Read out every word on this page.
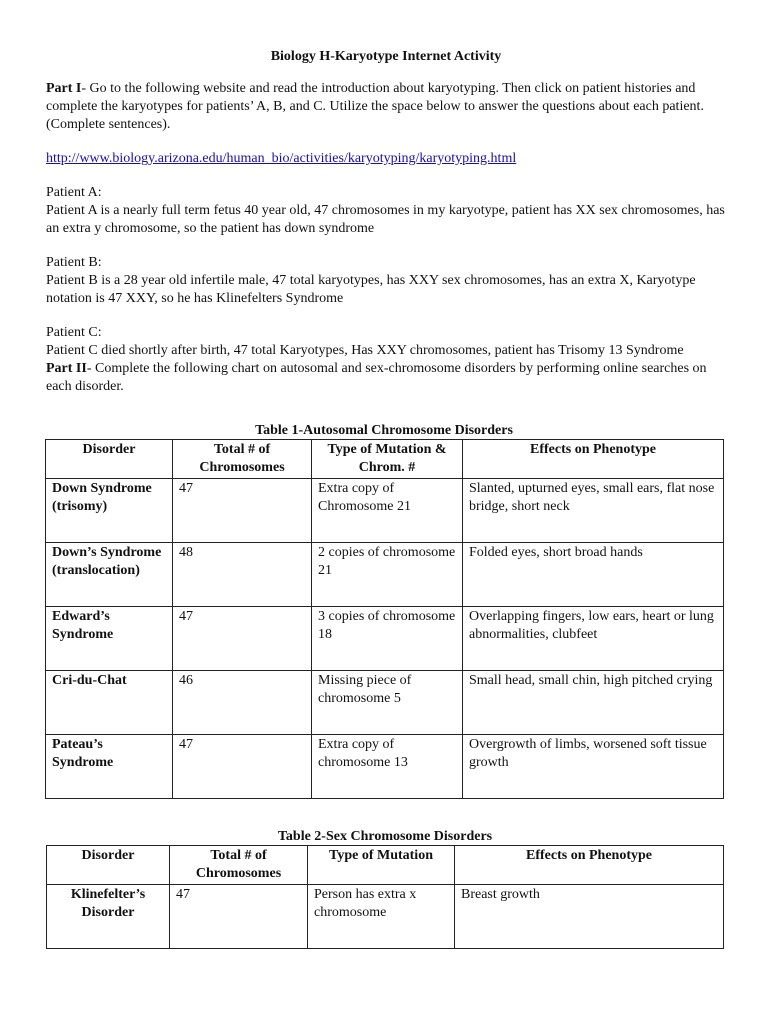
Biology H-Karyotype Internet Activity

Part I- Go to the following website and read the introduction about karyotyping. Then click on patient histories and complete the karyotypes for patients’ A, B, and C. Utilize the space below to answer the questions about each patient. (Complete sentences).

http://www.biology.arizona.edu/human_bio/activities/karyotyping/karyotyping.html

Patient A:

Patient A is a nearly full term fetus 40 year old, 47 chromosomes in my karyotype, patient has XX sex chromosomes, has an extra y chromosome, so the patient has down syndrome

Patient B:

Patient B is a 28 year old infertile male, 47 total karyotypes, has XXY sex chromosomes, has an extra X, Karyotype notation is 47 XXY, so he has Klinefelters Syndrome

Patient C:

Patient C died shortly after birth, 47 total Karyotypes, Has XXY chromosomes, patient has Trisomy 13 Syndrome

Part II- Complete the following chart on autosomal and sex-chromosome disorders by performing online searches on each disorder.

Table 1-Autosomal Chromosome Disorders

Disorder	Total # of Chromosomes	Type of Mutation & Chrom. #	Effects on Phenotype
Down Syndrome (trisomy)	47	Extra copy of Chromosome 21	Slanted, upturned eyes, small ears, flat nose bridge, short neck
Down’s Syndrome (translocation)	48	2 copies of chromosome 21	Folded eyes, short broad hands
Edward’s Syndrome	47	3 copies of chromosome 18	Overlapping fingers, low ears, heart or lung abnormalities, clubfeet
Cri-du-Chat	46	Missing piece of chromosome 5	Small head, small chin, high pitched crying
Pateau’s Syndrome	47	Extra copy of chromosome 13	Overgrowth of limbs, worsened soft tissue growth

Table 2-Sex Chromosome Disorders

Disorder	Total # of Chromosomes	Type of Mutation	Effects on Phenotype
Klinefelter’s Disorder	47	Person has extra x chromosome	Breast growth
